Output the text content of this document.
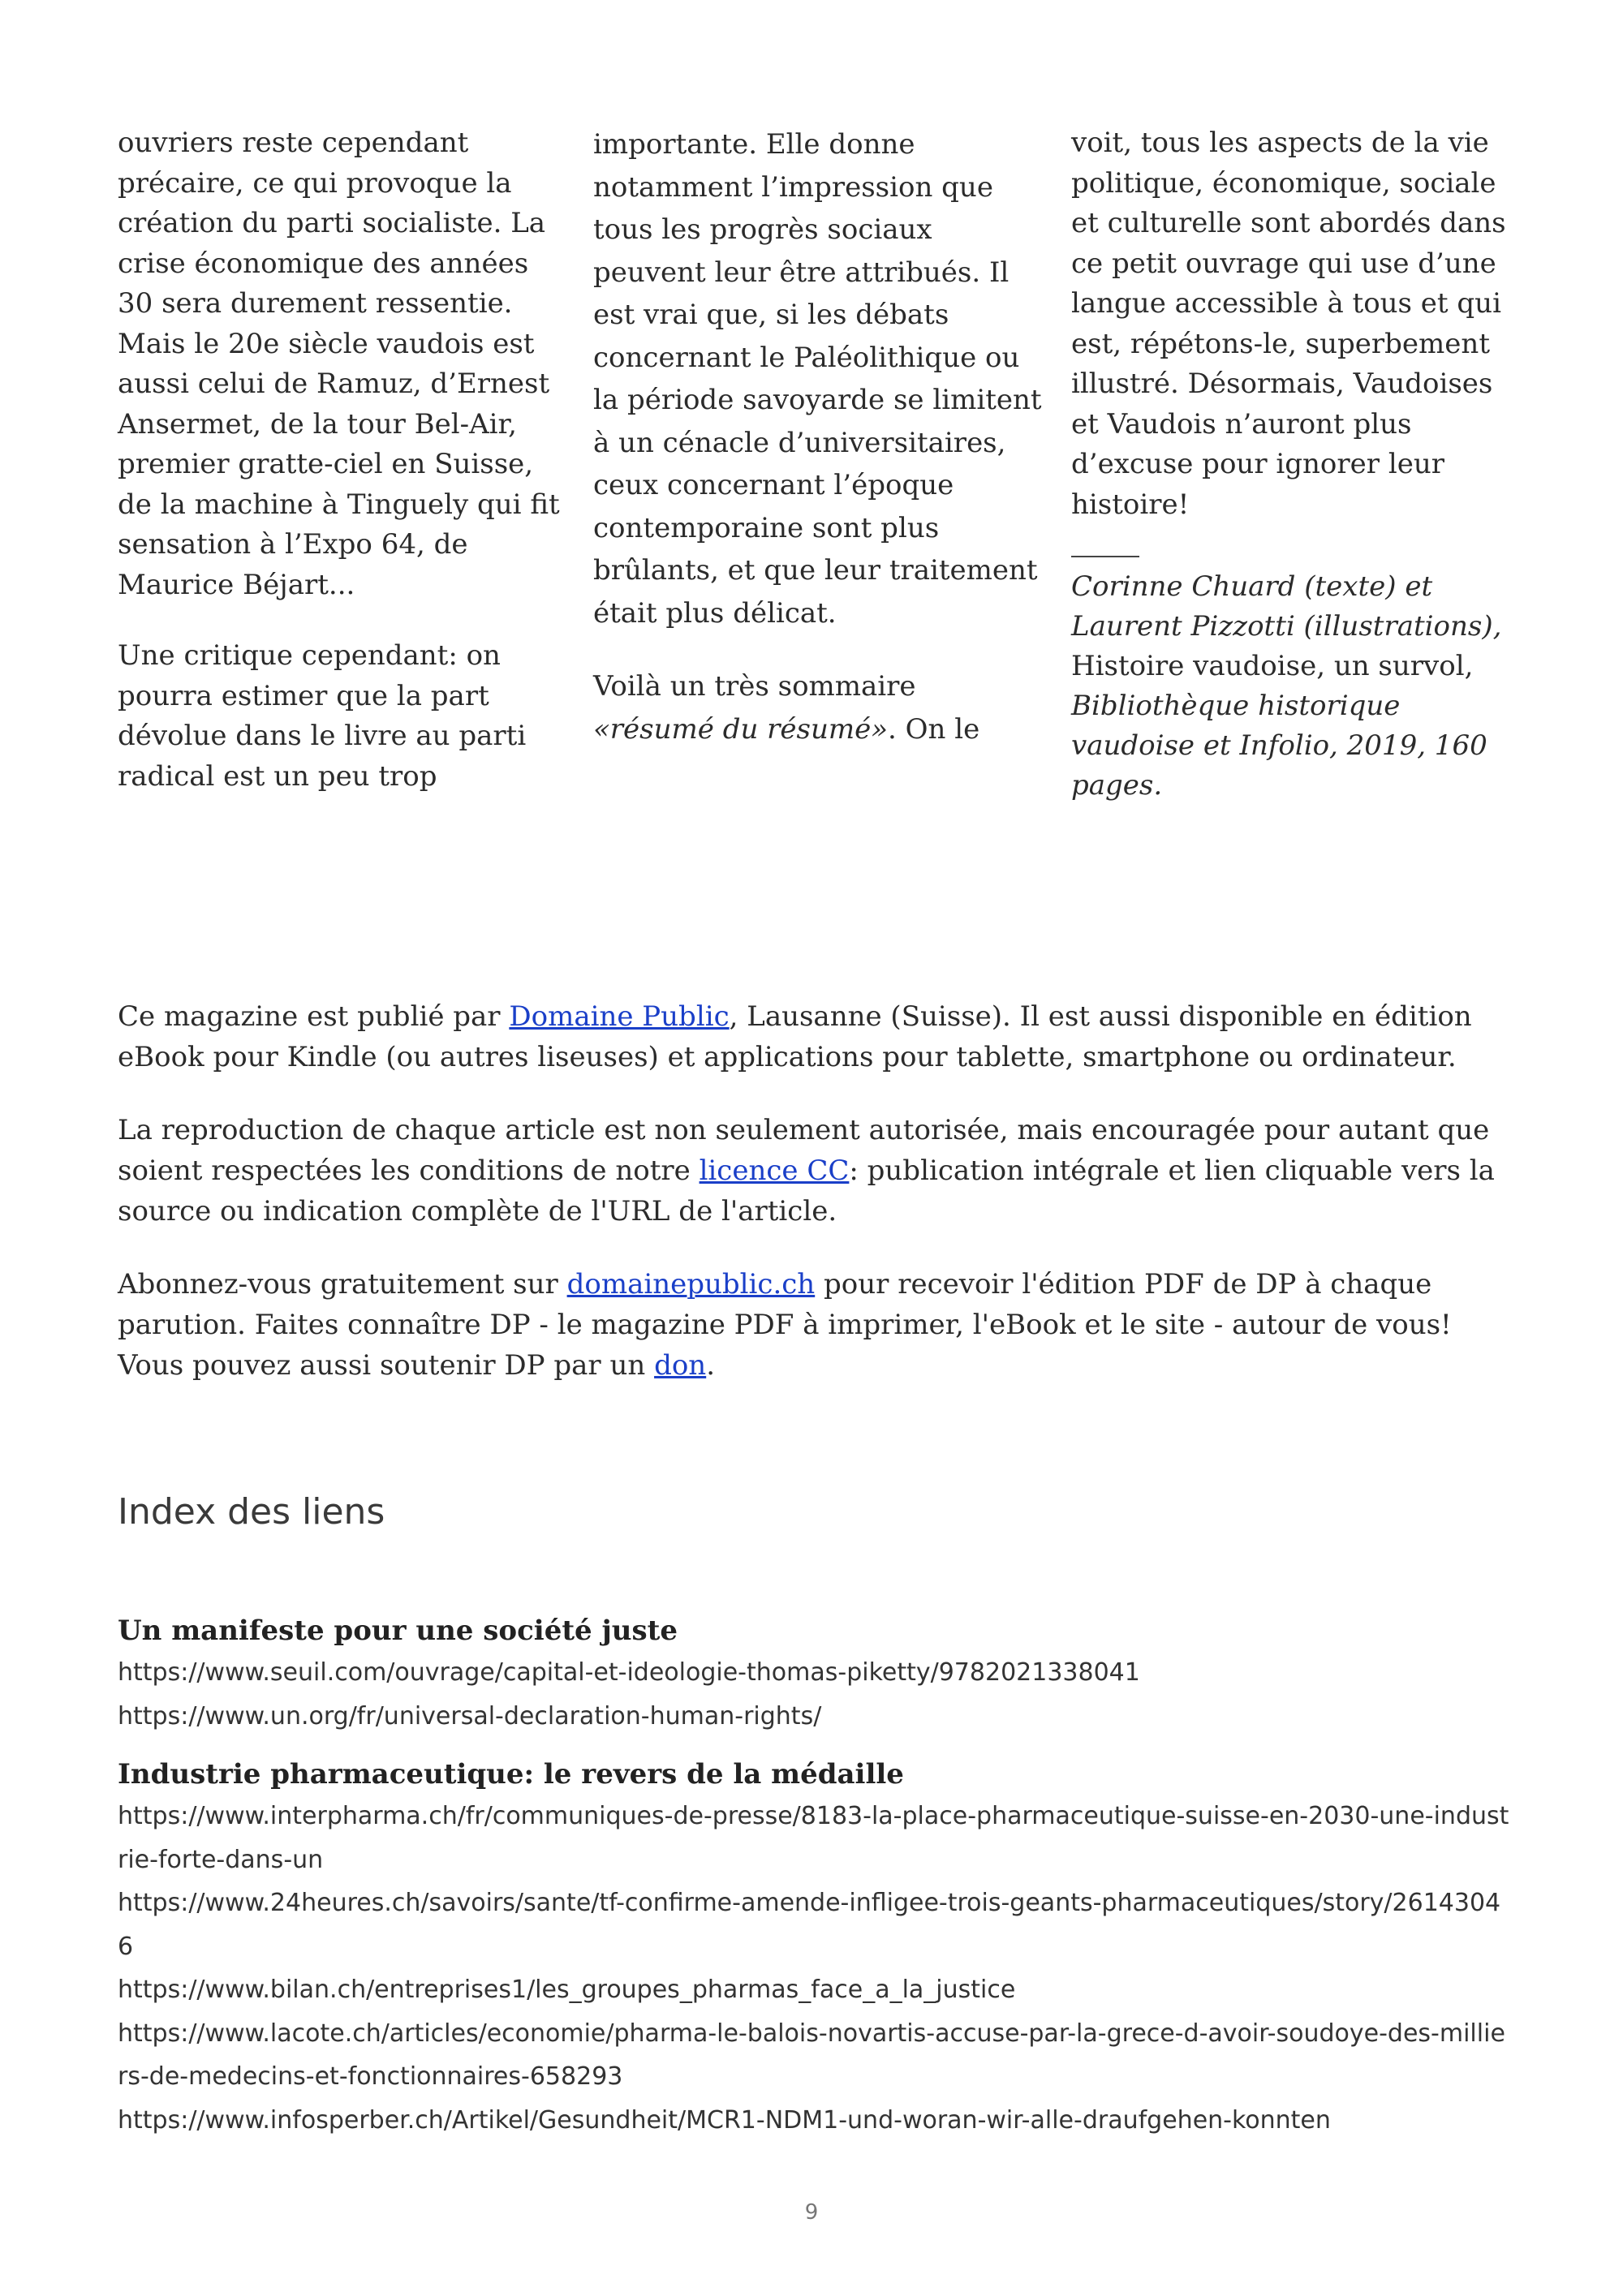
ouvriers reste cependant précaire, ce qui provoque la création du parti socialiste. La crise économique des années 30 sera durement ressentie. Mais le 20e siècle vaudois est aussi celui de Ramuz, d’Ernest Ansermet, de la tour Bel-Air, premier gratte-ciel en Suisse, de la machine à Tinguely qui fit sensation à l’Expo 64, de Maurice Béjart...

Une critique cependant: on pourra estimer que la part dévolue dans le livre au parti radical est un peu trop

importante. Elle donne notamment l’impression que tous les progrès sociaux peuvent leur être attribués. Il est vrai que, si les débats concernant le Paléolithique ou la période savoyarde se limitent à un cénacle d’universitaires, ceux concernant l’époque contemporaine sont plus brûlants, et que leur traitement était plus délicat.

Voilà un très sommaire «résumé du résumé». On le

voit, tous les aspects de la vie politique, économique, sociale et culturelle sont abordés dans ce petit ouvrage qui use d’une langue accessible à tous et qui est, répétons-le, superbement illustré. Désormais, Vaudoises et Vaudois n’auront plus d’excuse pour ignorer leur histoire!

Corinne Chuard (texte) et Laurent Pizzotti (illustrations),
Histoire vaudoise, un survol,
Bibliothèque historique vaudoise et Infolio, 2019, 160 pages.

Ce magazine est publié par Domaine Public, Lausanne (Suisse). Il est aussi disponible en édition eBook pour Kindle (ou autres liseuses) et applications pour tablette, smartphone ou ordinateur.

La reproduction de chaque article est non seulement autorisée, mais encouragée pour autant que soient respectées les conditions de notre licence CC: publication intégrale et lien cliquable vers la source ou indication complète de l'URL de l'article.

Abonnez-vous gratuitement sur domainepublic.ch pour recevoir l'édition PDF de DP à chaque parution. Faites connaître DP - le magazine PDF à imprimer, l'eBook et le site - autour de vous! Vous pouvez aussi soutenir DP par un don.

Index des liens
Un manifeste pour une société juste
https://www.seuil.com/ouvrage/capital-et-ideologie-thomas-piketty/9782021338041
https://www.un.org/fr/universal-declaration-human-rights/
Industrie pharmaceutique: le revers de la médaille
https://www.interpharma.ch/fr/communiques-de-presse/8183-la-place-pharmaceutique-suisse-en-2030-une-industrie-forte-dans-un
https://www.24heures.ch/savoirs/sante/tf-confirme-amende-infligee-trois-geants-pharmaceutiques/story/26143046
https://www.bilan.ch/entreprises1/les_groupes_pharmas_face_a_la_justice
https://www.lacote.ch/articles/economie/pharma-le-balois-novartis-accuse-par-la-grece-d-avoir-soudoye-des-milliers-de-medecins-et-fonctionnaires-658293
https://www.infosperber.ch/Artikel/Gesundheit/MCR1-NDM1-und-woran-wir-alle-draufgehen-konnten
9
